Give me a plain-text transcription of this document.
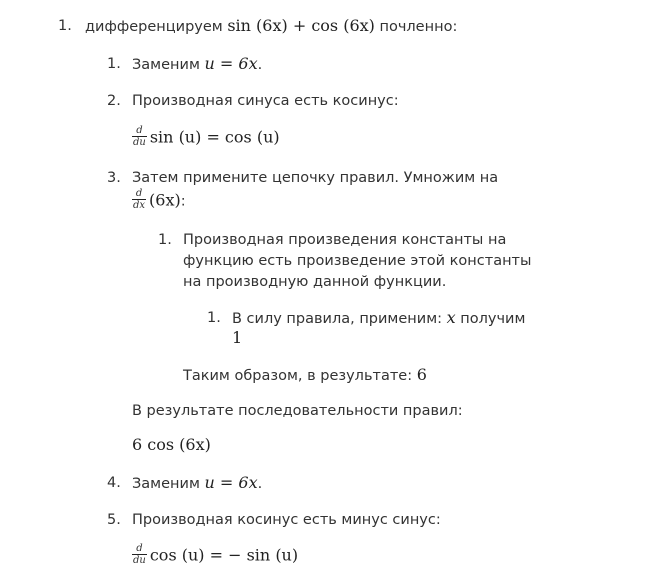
1. дифференцируем sin (6x) + cos (6x) почленно:
1. Заменим u = 6x.
2. Производная синуса есть косинус:
$\frac{d}{du}$ sin (u) = cos (u)
3. Затем примените цепочку правил. Умножим на
$\frac{d}{dx} (6x)$:
1. Производная произведения константы на
функцию есть произведение этой константы
на производную данной функции.
1. В силу правила, применим: x получим
1
Таким образом, в результате: 6
В результате последовательности правил:
6 cos (6x)
4. Заменим u = 6x.
5. Производная косинус есть минус синус:
$\frac{d}{du}$ cos (u) = − sin (u)
